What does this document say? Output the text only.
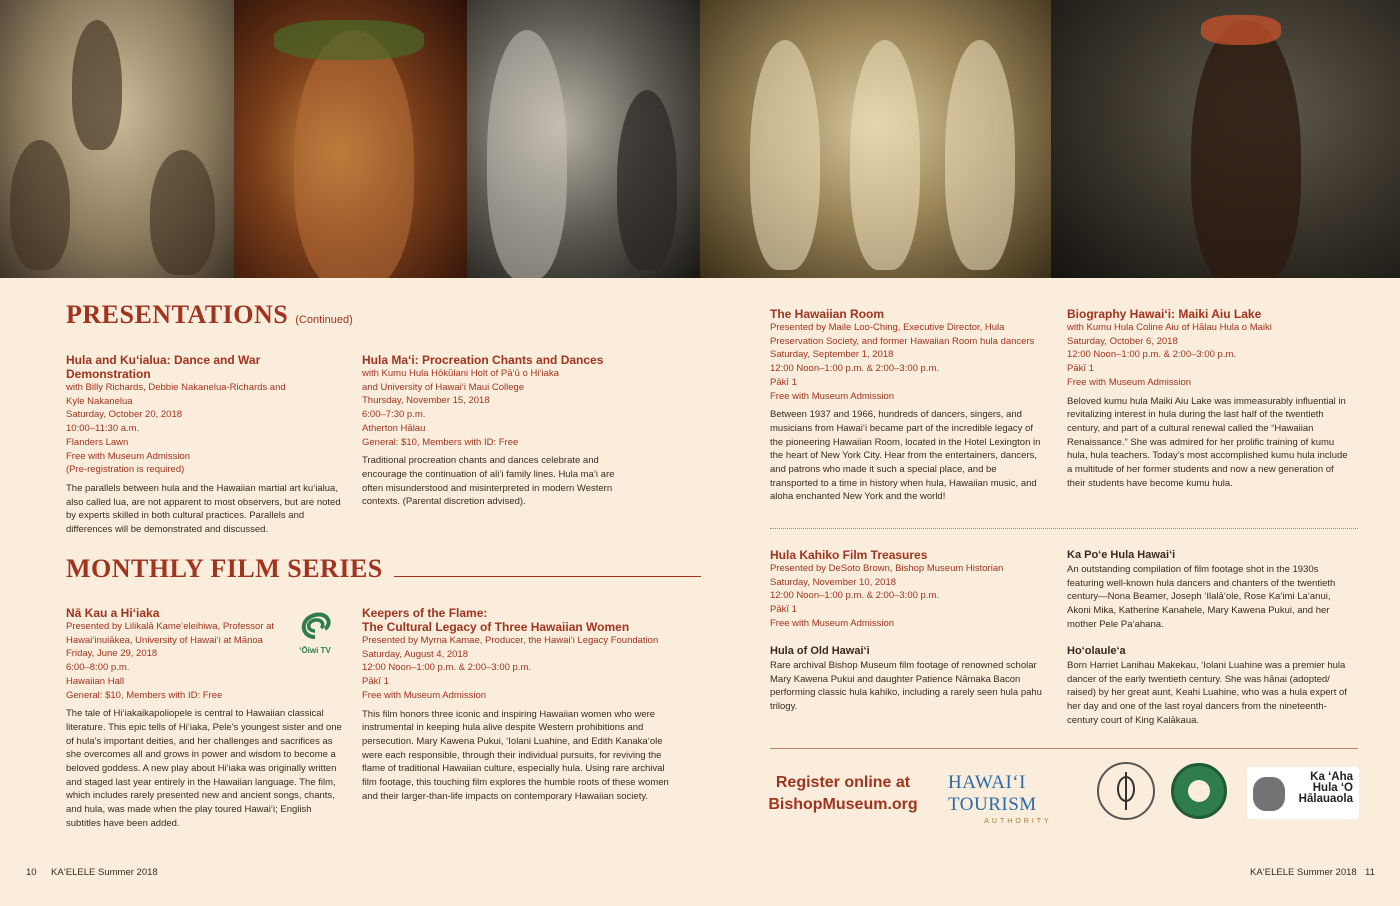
PRESENTATIONS (Continued)
Hula and Ku‘ialua: Dance and War Demonstration
with Billy Richards, Debbie Nakanelua-Richards and
Kyle Nakanelua
Saturday, October 20, 2018
10:00–11:30 a.m.
Flanders Lawn
Free with Museum Admission
(Pre-registration is required)

The parallels between hula and the Hawaiian martial art ku‘ialua, also called lua, are not apparent to most observers, but are noted by experts skilled in both cultural practices. Parallels and differences will be demonstrated and discussed.

Hula Ma‘i: Procreation Chants and Dances
with Kumu Hula Hōkūlani Holt of Pā‘ū o Hi‘iaka
and University of Hawai‘i Maui College
Thursday, November 15, 2018
6:00–7:30 p.m.
Atherton Hālau
General: $10, Members with ID: Free

Traditional procreation chants and dances celebrate and encourage the continuation of ali‘i family lines. Hula ma‘i are often misunderstood and misinterpreted in modern Western contexts. (Parental discretion advised).

MONTHLY FILM SERIES
‘Ōiwi TV
Nā Kau a Hi‘iaka
Presented by Lilikalā Kame‘eleihiwa, Professor at
Hawai‘inuiākea, University of Hawai‘i at Mānoa
Friday, June 29, 2018
6:00–8:00 p.m.
Hawaiian Hall
General: $10, Members with ID: Free

The tale of Hi‘iakaikapoliopele is central to Hawaiian classical literature. This epic tells of Hi‘iaka, Pele’s youngest sister and one of hula’s important deities, and her challenges and sacrifices as she overcomes all and grows in power and wisdom to become a beloved goddess. A new play about Hi‘iaka was originally written and staged last year entirely in the Hawaiian language. The film, which includes rarely presented new and ancient songs, chants, and hula, was made when the play toured Hawai‘i; English subtitles have been added.

Keepers of the Flame:
The Cultural Legacy of Three Hawaiian Women
Presented by Myrna Kamae, Producer, the Hawai‘i Legacy Foundation
Saturday, August 4, 2018
12:00 Noon–1:00 p.m. & 2:00–3:00 p.m.
Pākī 1
Free with Museum Admission

This film honors three iconic and inspiring Hawaiian women who were instrumental in keeping hula alive despite Western prohibitions and persecution. Mary Kawena Pukui, ‘Iolani Luahine, and Edith Kanaka‘ole were each responsible, through their individual pursuits, for reviving the flame of traditional Hawaiian culture, especially hula. Using rare archival film footage, this touching film explores the humble roots of these women and their larger-than-life impacts on contemporary Hawaiian society.

The Hawaiian Room
Presented by Maile Loo-Ching, Executive Director, Hula
Preservation Society, and former Hawaiian Room hula dancers
Saturday, September 1, 2018
12:00 Noon–1:00 p.m. & 2:00–3:00 p.m.
Pākī 1
Free with Museum Admission

Between 1937 and 1966, hundreds of dancers, singers, and musicians from Hawai‘i became part of the incredible legacy of the pioneering Hawaiian Room, located in the Hotel Lexington in the heart of New York City. Hear from the entertainers, dancers, and patrons who made it such a special place, and be transported to a time in history when hula, Hawaiian music, and aloha enchanted New York and the world!

Biography Hawai‘i: Maiki Aiu Lake
with Kumu Hula Coline Aiu of Hālau Hula o Maiki
Saturday, October 6, 2018
12:00 Noon–1:00 p.m. & 2:00–3:00 p.m.
Pākī 1
Free with Museum Admission

Beloved kumu hula Maiki Aiu Lake was immeasurably influential in revitalizing interest in hula during the last half of the twentieth century, and part of a cultural renewal called the “Hawaiian Renaissance.” She was admired for her prolific training of kumu hula, hula teachers. Today’s most accomplished kumu hula include a multitude of her former students and now a new generation of their students have become kumu hula.

Hula Kahiko Film Treasures
Presented by DeSoto Brown, Bishop Museum Historian
Saturday, November 10, 2018
12:00 Noon–1:00 p.m. & 2:00–3:00 p.m.
Pākī 1
Free with Museum Admission
Hula of Old Hawai‘i

Rare archival Bishop Museum film footage of renowned scholar Mary Kawena Pukui and daughter Patience Nāmaka Bacon performing classic hula kahiko, including a rarely seen hula pahu trilogy.

Ka Po‘e Hula Hawai‘i

An outstanding compilation of film footage shot in the 1930s featuring well-known hula dancers and chanters of the twentieth century—Nona Beamer, Joseph ‘Ilalā‘ole, Rose Ka‘imi La‘anui, Akoni Mika, Katherine Kanahele, Mary Kawena Pukui, and her mother Pele Pa‘ahana.

Ho‘olaule‘a

Born Harriet Lanihau Makekau, ‘Iolani Luahine was a premier hula dancer of the early twentieth century. She was hānai (adopted/ raised) by her great aunt, Keahi Luahine, who was a hula expert of her day and one of the last royal dancers from the nineteenth-century court of King Kalākaua.

Register online at
BishopMuseum.org
HAWAI‘I TOURISM
AUTHORITY
Ka ‘Aha
Hula ‘O
Hālauaola
10 KA‘ELELE Summer 2018	KA‘ELELE Summer 2018 11
